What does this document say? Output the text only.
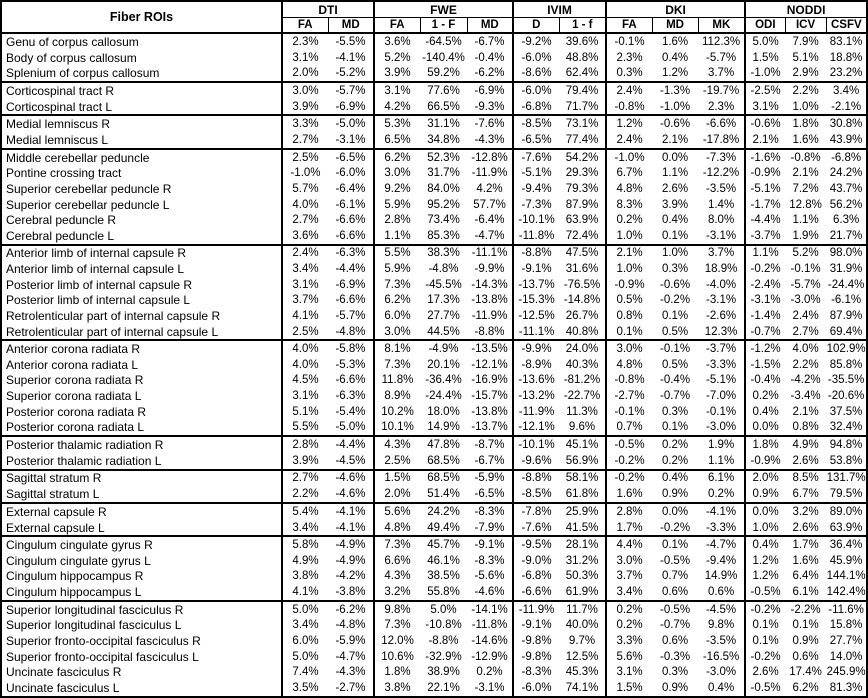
Fiber ROIs	DTI		FWE			IVIM		DKI			NODDI		
	FA	MD	FA	1 - F	MD	D	1 - f	FA	MD	MK	ODI	ICV	CSFV
Genu of corpus callosum	2.3%	-5.5%	3.6%	-64.5%	-6.7%	-9.2%	39.6%	-0.1%	1.6%	112.3%	5.0%	7.9%	83.1%
Body of corpus callosum	3.1%	-4.1%	5.2%	-140.4%	-0.4%	-6.0%	48.8%	2.3%	0.4%	-5.7%	1.5%	5.1%	18.8%
Splenium of corpus callosum	2.0%	-5.2%	3.9%	59.2%	-6.2%	-8.6%	62.4%	0.3%	1.2%	3.7%	-1.0%	2.9%	23.2%
Corticospinal tract R	3.0%	-5.7%	3.1%	77.6%	-6.9%	-6.0%	79.4%	2.4%	-1.3%	-19.7%	-2.5%	2.2%	3.4%
Corticospinal tract L	3.9%	-6.9%	4.2%	66.5%	-9.3%	-6.8%	71.7%	-0.8%	-1.0%	2.3%	3.1%	1.0%	-2.1%
Medial lemniscus R	3.3%	-5.0%	5.3%	31.1%	-7.6%	-8.5%	73.1%	1.2%	-0.6%	-6.6%	-0.6%	1.8%	30.8%
Medial lemniscus L	2.7%	-3.1%	6.5%	34.8%	-4.3%	-6.5%	77.4%	2.4%	2.1%	-17.8%	2.1%	1.6%	43.9%
Middle cerebellar peduncle	2.5%	-6.5%	6.2%	52.3%	-12.8%	-7.6%	54.2%	-1.0%	0.0%	-7.3%	-1.6%	-0.8%	-6.8%
Pontine crossing tract	-1.0%	-6.0%	3.0%	31.7%	-11.9%	-5.1%	29.3%	6.7%	1.1%	-12.2%	-0.9%	2.1%	24.2%
Superior cerebellar peduncle R	5.7%	-6.4%	9.2%	84.0%	4.2%	-9.4%	79.3%	4.8%	2.6%	-3.5%	-5.1%	7.2%	43.7%
Superior cerebellar peduncle L	4.0%	-6.1%	5.9%	95.2%	57.7%	-7.3%	87.9%	8.3%	3.9%	1.4%	-1.7%	12.8%	56.2%
Cerebral peduncle R	2.7%	-6.6%	2.8%	73.4%	-6.4%	-10.1%	63.9%	0.2%	0.4%	8.0%	-4.4%	1.1%	6.3%
Cerebral peduncle L	3.6%	-6.6%	1.1%	85.3%	-4.7%	-11.8%	72.4%	1.0%	0.1%	-3.1%	-3.7%	1.9%	21.7%
Anterior limb of internal capsule R	2.4%	-6.3%	5.5%	38.3%	-11.1%	-8.8%	47.5%	2.1%	1.0%	3.7%	1.1%	5.2%	98.0%
Anterior limb of internal capsule L	3.4%	-4.4%	5.9%	-4.8%	-9.9%	-9.1%	31.6%	1.0%	0.3%	18.9%	-0.2%	-0.1%	31.9%
Posterior limb of internal capsule R	3.1%	-6.9%	7.3%	-45.5%	-14.3%	-13.7%	-76.5%	-0.9%	-0.6%	-4.0%	-2.4%	-5.7%	-24.4%
Posterior limb of internal capsule L	3.7%	-6.6%	6.2%	17.3%	-13.8%	-15.3%	-14.8%	0.5%	-0.2%	-3.1%	-3.1%	-3.0%	-6.1%
Retrolenticular part of internal capsule R	4.1%	-5.7%	6.0%	27.7%	-11.9%	-12.5%	26.7%	0.8%	0.1%	-2.6%	-1.4%	2.4%	87.9%
Retrolenticular part of internal capsule L	2.5%	-4.8%	3.0%	44.5%	-8.8%	-11.1%	40.8%	0.1%	0.5%	12.3%	-0.7%	2.7%	69.4%
Anterior corona radiata R	4.0%	-5.8%	8.1%	-4.9%	-13.5%	-9.9%	24.0%	3.0%	-0.1%	-3.7%	-1.2%	4.0%	102.9%
Anterior corona radiata L	4.0%	-5.3%	7.3%	20.1%	-12.1%	-8.9%	40.3%	4.8%	0.5%	-3.3%	-1.5%	2.2%	85.8%
Superior corona radiata R	4.5%	-6.6%	11.8%	-36.4%	-16.9%	-13.6%	-81.2%	-0.8%	-0.4%	-5.1%	-0.4%	-4.2%	-35.5%
Superior corona radiata L	3.1%	-6.3%	8.9%	-24.4%	-15.7%	-13.2%	-22.7%	-2.7%	-0.7%	-7.0%	0.2%	-3.4%	-20.6%
Posterior corona radiata R	5.1%	-5.4%	10.2%	18.0%	-13.8%	-11.9%	11.3%	-0.1%	0.3%	-0.1%	0.4%	2.1%	37.5%
Posterior corona radiata L	5.5%	-5.0%	10.1%	14.9%	-13.7%	-12.1%	9.6%	0.7%	0.1%	-3.0%	0.0%	0.8%	32.4%
Posterior thalamic radiation R	2.8%	-4.4%	4.3%	47.8%	-8.7%	-10.1%	45.1%	-0.5%	0.2%	1.9%	1.8%	4.9%	94.8%
Posterior thalamic radiation L	3.9%	-4.5%	2.5%	68.5%	-6.7%	-9.6%	56.9%	-0.2%	0.2%	1.1%	-0.9%	2.6%	53.8%
Sagittal stratum R	2.7%	-4.6%	1.5%	68.5%	-5.9%	-8.8%	58.1%	-0.2%	0.4%	6.1%	2.0%	8.5%	131.7%
Sagittal stratum L	2.2%	-4.6%	2.0%	51.4%	-6.5%	-8.5%	61.8%	1.6%	0.9%	0.2%	0.9%	6.7%	79.5%
External capsule R	5.4%	-4.1%	5.6%	24.2%	-8.3%	-7.8%	25.9%	2.8%	0.0%	-4.1%	0.0%	3.2%	89.0%
External capsule L	3.4%	-4.1%	4.8%	49.4%	-7.9%	-7.6%	41.5%	1.7%	-0.2%	-3.3%	1.0%	2.6%	63.9%
Cingulum cingulate gyrus R	5.8%	-4.9%	7.3%	45.7%	-9.1%	-9.5%	28.1%	4.4%	0.1%	-4.7%	0.4%	1.7%	36.4%
Cingulum cingulate gyrus L	4.9%	-4.9%	6.6%	46.1%	-8.3%	-9.0%	31.2%	3.0%	-0.5%	-9.4%	1.2%	1.6%	45.9%
Cingulum hippocampus R	3.8%	-4.2%	4.3%	38.5%	-5.6%	-6.8%	50.3%	3.7%	0.7%	14.9%	1.2%	6.4%	144.1%
Cingulum hippocampus L	4.1%	-3.8%	3.2%	55.8%	-4.6%	-6.6%	61.9%	3.4%	0.6%	0.6%	-0.5%	6.1%	142.4%
Superior longitudinal fasciculus R	5.0%	-6.2%	9.8%	5.0%	-14.1%	-11.9%	11.7%	0.2%	-0.5%	-4.5%	-0.2%	-2.2%	-11.6%
Superior longitudinal fasciculus L	3.4%	-4.8%	7.3%	-10.8%	-11.8%	-9.1%	40.0%	0.2%	-0.7%	9.8%	0.1%	0.1%	15.8%
Superior fronto-occipital fasciculus R	6.0%	-5.9%	12.0%	-8.8%	-14.6%	-9.8%	9.7%	3.3%	0.6%	-3.5%	0.1%	0.9%	27.7%
Superior fronto-occipital fasciculus L	5.0%	-4.7%	10.6%	-32.9%	-12.9%	-9.8%	12.5%	5.6%	-0.3%	-16.5%	-0.2%	0.6%	14.0%
Uncinate fasciculus R	7.4%	-4.3%	1.8%	38.9%	0.2%	-8.3%	45.3%	3.1%	0.3%	-3.0%	2.6%	17.4%	245.9%
Uncinate fasciculus L	3.5%	-2.7%	3.8%	22.1%	-3.1%	-6.0%	74.1%	1.5%	0.9%	0.4%	-0.5%	6.2%	81.3%
